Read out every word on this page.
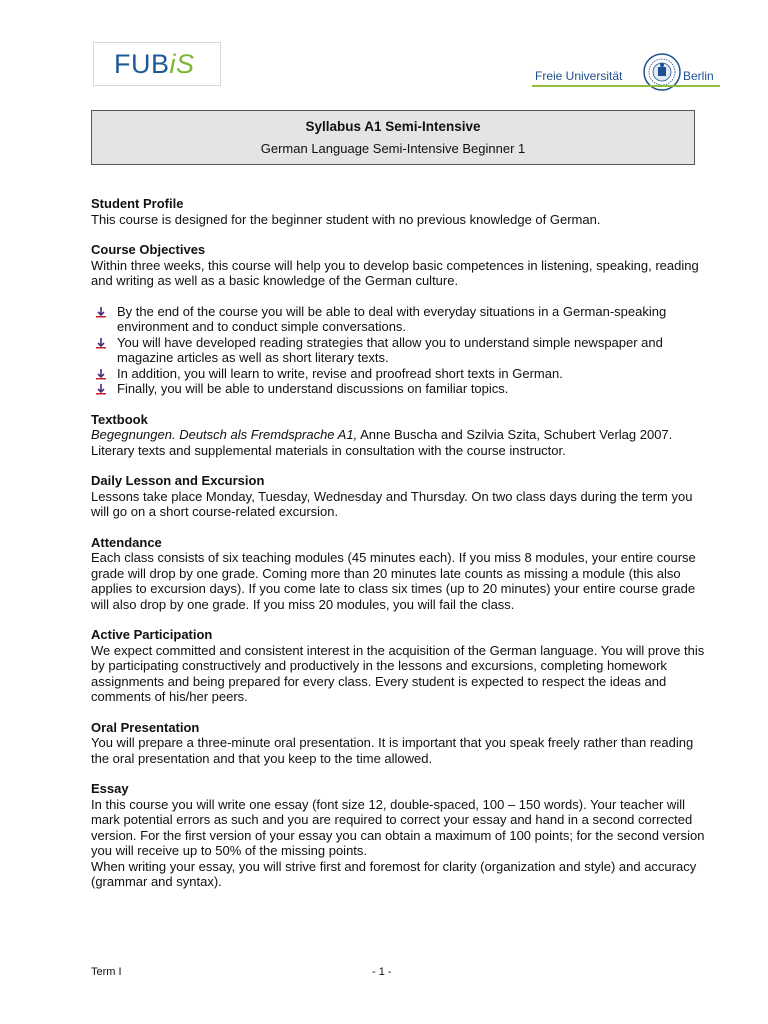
FUBiS	Freie Universität	Berlin
Syllabus A1 Semi-Intensive
German Language Semi-Intensive Beginner 1
Student Profile

This course is designed for the beginner student with no previous knowledge of German.

Course Objectives

Within three weeks, this course will help you to develop basic competences in listening, speaking, reading and writing as well as a basic knowledge of the German culture.

By the end of the course you will be able to deal with everyday situations in a German-speaking environment and to conduct simple conversations.
You will have developed reading strategies that allow you to understand simple newspaper and magazine articles as well as short literary texts.
In addition, you will learn to write, revise and proofread short texts in German.
Finally, you will be able to understand discussions on familiar topics.
Textbook

Begegnungen. Deutsch als Fremdsprache A1, Anne Buscha and Szilvia Szita, Schubert Verlag 2007.

Literary texts and supplemental materials in consultation with the course instructor.

Daily Lesson and Excursion

Lessons take place Monday, Tuesday, Wednesday and Thursday. On two class days during the term you will go on a short course-related excursion.

Attendance

Each class consists of six teaching modules (45 minutes each). If you miss 8 modules, your entire course grade will drop by one grade. Coming more than 20 minutes late counts as missing a module (this also applies to excursion days). If you come late to class six times (up to 20 minutes) your entire course grade will also drop by one grade. If you miss 20 modules, you will fail the class.

Active Participation

We expect committed and consistent interest in the acquisition of the German language. You will prove this by participating constructively and productively in the lessons and excursions, completing homework assignments and being prepared for every class. Every student is expected to respect the ideas and comments of his/her peers.

Oral Presentation

You will prepare a three-minute oral presentation. It is important that you speak freely rather than reading the oral presentation and that you keep to the time allowed.

Essay

In this course you will write one essay (font size 12, double-spaced, 100 – 150 words). Your teacher will mark potential errors as such and you are required to correct your essay and hand in a second corrected version. For the first version of your essay you can obtain a maximum of 100 points; for the second version you will receive up to 50% of the missing points.

When writing your essay, you will strive first and foremost for clarity (organization and style) and accuracy (grammar and syntax).

Term I	- 1 -
